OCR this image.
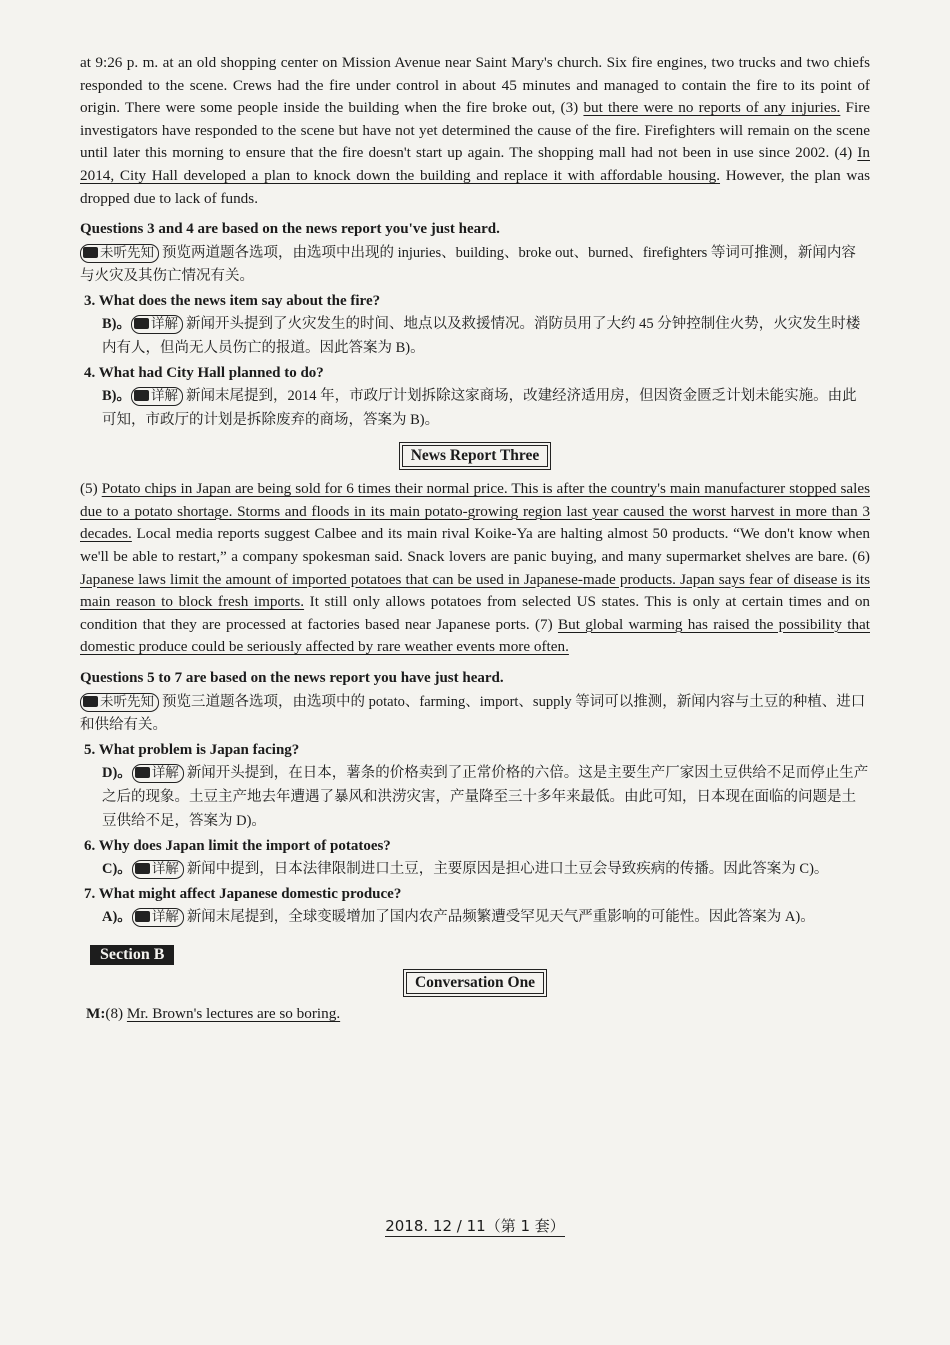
at 9:26 p. m. at an old shopping center on Mission Avenue near Saint Mary's church. Six fire engines, two trucks and two chiefs responded to the scene. Crews had the fire under control in about 45 minutes and managed to contain the fire to its point of origin. There were some people inside the building when the fire broke out, (3) but there were no reports of any injuries. Fire investigators have responded to the scene but have not yet determined the cause of the fire. Firefighters will remain on the scene until later this morning to ensure that the fire doesn't start up again. The shopping mall had not been in use since 2002. (4) In 2014, City Hall developed a plan to knock down the building and replace it with affordable housing. However, the plan was dropped due to lack of funds.

Questions 3 and 4 are based on the news report you've just heard.

未听先知 预览两道题各选项，由选项中出现的 injuries、building、broke out、burned、firefighters 等词可推测，新闻内容与火灾及其伤亡情况有关。

3. What does the news item say about the fire?
B)。 详解 新闻开头提到了火灾发生的时间、地点以及救援情况。消防员用了大约 45 分钟控制住火势，火灾发生时楼内有人，但尚无人员伤亡的报道。因此答案为 B)。
4. What had City Hall planned to do?
B)。 详解 新闻末尾提到，2014 年，市政厅计划拆除这家商场，改建经济适用房，但因资金匮乏计划未能实施。由此可知，市政厅的计划是拆除废弃的商场，答案为 B)。
News Report Three

(5) Potato chips in Japan are being sold for 6 times their normal price. This is after the country's main manufacturer stopped sales due to a potato shortage. Storms and floods in its main potato-growing region last year caused the worst harvest in more than 3 decades. Local media reports suggest Calbee and its main rival Koike-Ya are halting almost 50 products. “We don't know when we'll be able to restart,” a company spokesman said. Snack lovers are panic buying, and many supermarket shelves are bare. (6) Japanese laws limit the amount of imported potatoes that can be used in Japanese-made products. Japan says fear of disease is its main reason to block fresh imports. It still only allows potatoes from selected US states. This is only at certain times and on condition that they are processed at factories based near Japanese ports. (7) But global warming has raised the possibility that domestic produce could be seriously affected by rare weather events more often.

Questions 5 to 7 are based on the news report you have just heard.

未听先知 预览三道题各选项，由选项中的 potato、farming、import、supply 等词可以推测，新闻内容与土豆的种植、进口和供给有关。

5. What problem is Japan facing?
D)。 详解 新闻开头提到，在日本，薯条的价格卖到了正常价格的六倍。这是主要生产厂家因土豆供给不足而停止生产之后的现象。土豆主产地去年遭遇了暴风和洪涝灾害，产量降至三十多年来最低。由此可知，日本现在面临的问题是土豆供给不足，答案为 D)。
6. Why does Japan limit the import of potatoes?
C)。 详解 新闻中提到，日本法律限制进口土豆，主要原因是担心进口土豆会导致疾病的传播。因此答案为 C)。
7. What might affect Japanese domestic produce?
A)。 详解 新闻末尾提到，全球变暖增加了国内农产品频繁遭受罕见天气严重影响的可能性。因此答案为 A)。
Section B
Conversation One
M:(8) Mr. Brown's lectures are so boring.
2018. 12 / 11（第 1 套）
